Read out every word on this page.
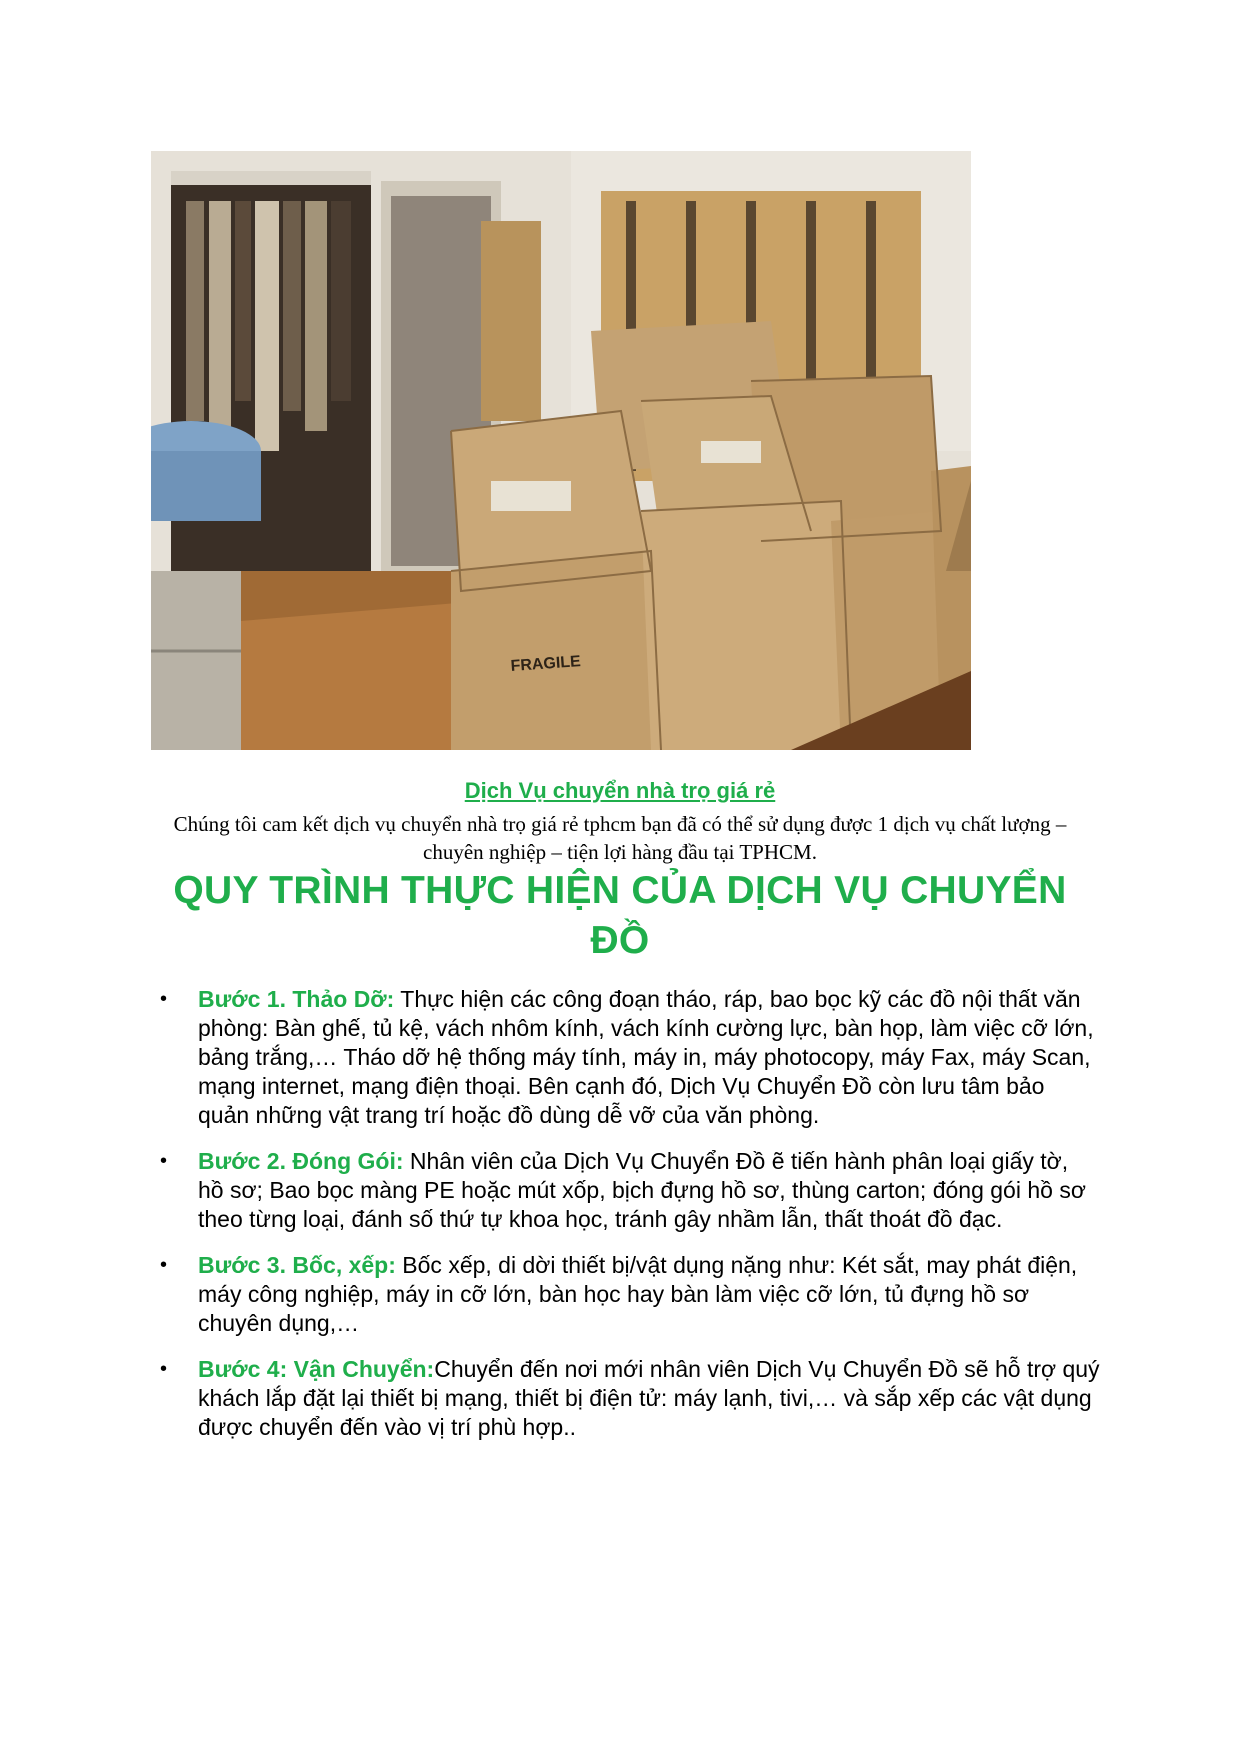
FRAGILE
Dịch Vụ chuyển nhà trọ giá rẻ
Chúng tôi cam kết dịch vụ chuyển nhà trọ giá rẻ tphcm bạn đã có thể sử dụng được 1 dịch vụ chất lượng – chuyên nghiệp – tiện lợi hàng đầu tại TPHCM.
QUY TRÌNH THỰC HIỆN CỦA DỊCH VỤ CHUYỂN ĐỒ
• Bước 1. Thảo Dỡ: Thực hiện các công đoạn tháo, ráp, bao bọc kỹ các đồ nội thất văn phòng: Bàn ghế, tủ kệ, vách nhôm kính, vách kính cường lực, bàn họp, làm việc cỡ lớn, bảng trắng,… Tháo dỡ hệ thống máy tính, máy in, máy photocopy, máy Fax, máy Scan, mạng internet, mạng điện thoại. Bên cạnh đó, Dịch Vụ Chuyển Đồ còn lưu tâm bảo quản những vật trang trí hoặc đồ dùng dễ vỡ của văn phòng.
• Bước 2. Đóng Gói: Nhân viên của Dịch Vụ Chuyển Đồ ẽ tiến hành phân loại giấy tờ, hồ sơ; Bao bọc màng PE hoặc mút xốp, bịch đựng hồ sơ, thùng carton; đóng gói hồ sơ theo từng loại, đánh số thứ tự khoa học, tránh gây nhầm lẫn, thất thoát đồ đạc.
• Bước 3. Bốc, xếp: Bốc xếp, di dời thiết bị/vật dụng nặng như: Két sắt, may phát điện, máy công nghiệp, máy in cỡ lớn, bàn học hay bàn làm việc cỡ lớn, tủ đựng hồ sơ chuyên dụng,…
• Bước 4: Vận Chuyển:Chuyển đến nơi mới nhân viên Dịch Vụ Chuyển Đồ sẽ hỗ trợ quý khách lắp đặt lại thiết bị mạng, thiết bị điện tử: máy lạnh, tivi,… và sắp xếp các vật dụng được chuyển đến vào vị trí phù hợp..
